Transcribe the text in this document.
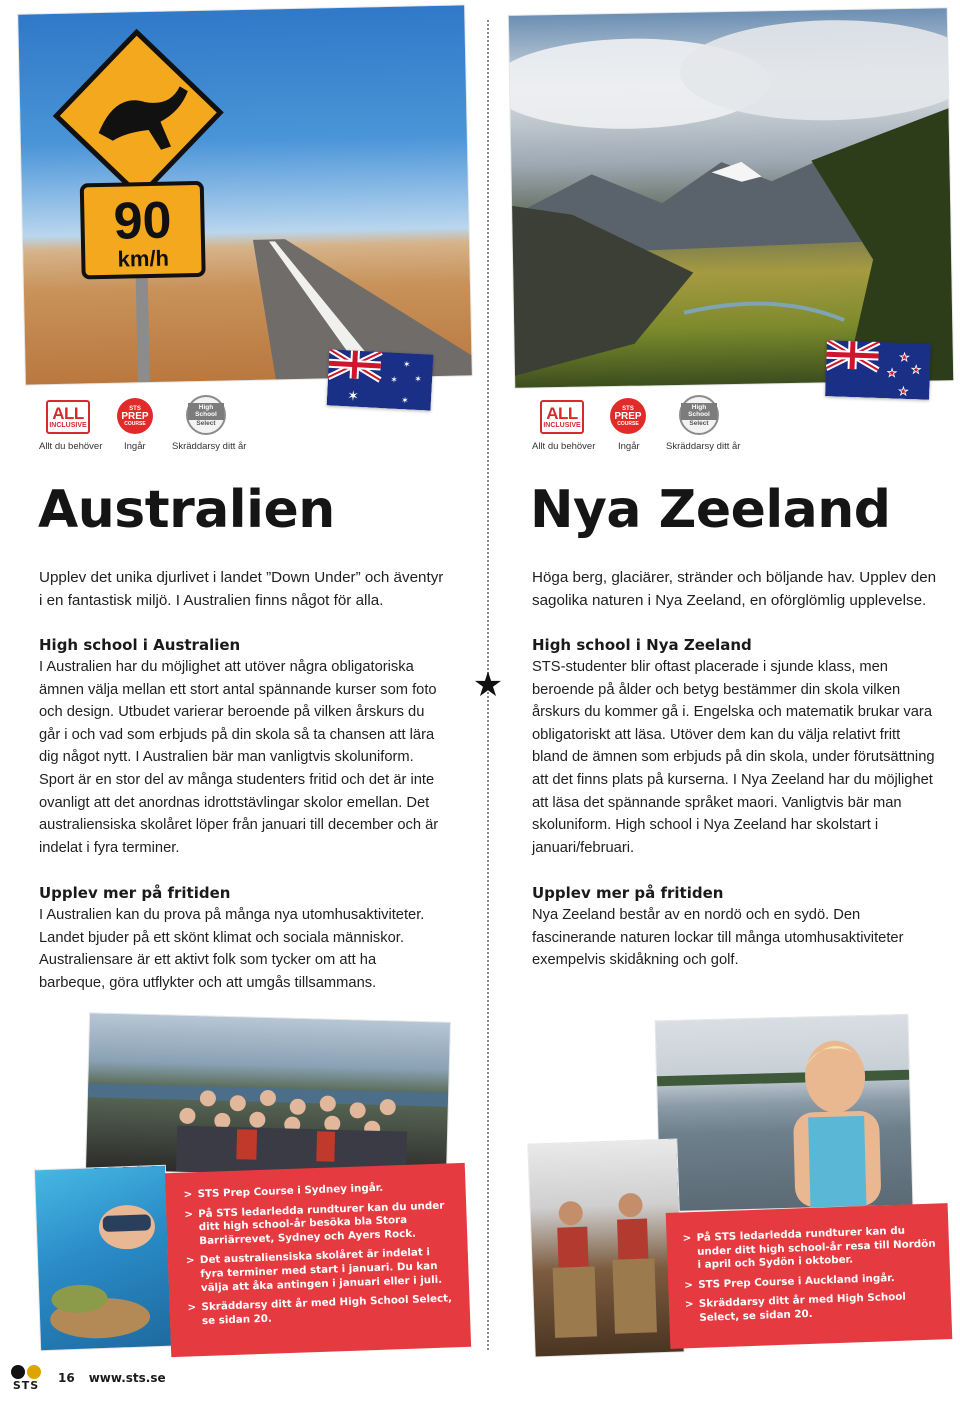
★
90
km/h
✶
✶
✶ ✶
✶
ALL
INCLUSIVE
STS
PREP
COURSE
High School
Select
Allt du behöver Ingår	Skräddarsy ditt år
Australien
Upplev det unika djurlivet i landet ”Down Under” och äventyr i en fantastisk miljö. I Australien finns något för alla.
High school i Australien
I Australien har du möjlighet att utöver några obligatoriska ämnen välja mellan ett stort antal spännande kurser som foto och design. Utbudet varierar beroende på vilken årskurs du går i och vad som erbjuds på din skola så ta chansen att lära dig något nytt. I Australien bär man vanligtvis skoluniform. Sport är en stor del av många studenters fritid och det är inte ovanligt att det anordnas idrottstävlingar skolor emellan. Det australiensiska skolåret löper från januari till december och är indelat i fyra terminer.
Upplev mer på fritiden
I Australien kan du prova på många nya utomhusaktiviteter. Landet bjuder på ett skönt klimat och sociala människor. Australiensare är ett aktivt folk som tycker om att ha barbeque, göra utflykter och att umgås tillsammans.
> STS Prep Course i Sydney ingår.
> På STS ledarledda rundturer kan du under ditt high school-år besöka bla Stora Barriärrevet, Sydney och Ayers Rock.
> Det australiensiska skolåret är indelat i fyra terminer med start i januari. Du kan välja att åka antingen i januari eller i juli.
> Skräddarsy ditt år med High School Select, se sidan 20.
★
★ ★
★
ALL
INCLUSIVE
STS
PREP
COURSE
High School
Select
Allt du behöver Ingår	Skräddarsy ditt år
Nya Zeeland
Höga berg, glaciärer, stränder och böljande hav. Upplev den sagolika naturen i Nya Zeeland, en oförglömlig upplevelse.
High school i Nya Zeeland
STS-studenter blir oftast placerade i sjunde klass, men beroende på ålder och betyg bestämmer din skola vilken årskurs du kommer gå i. Engelska och matematik brukar vara obligatoriskt att läsa. Utöver dem kan du välja relativt fritt bland de ämnen som erbjuds på din skola, under förutsättning att det finns plats på kurserna. I Nya Zeeland har du möjlighet att läsa det spännande språket maori. Vanligtvis bär man skoluniform. High school i Nya Zeeland har skolstart i januari/februari.
Upplev mer på fritiden
Nya Zeeland består av en nordö och en sydö. Den fascinerande naturen lockar till många utomhusaktiviteter exempelvis skidåkning och golf.
> På STS ledarledda rundturer kan du under ditt high school-år resa till Nordön i april och Sydön i oktober.
> STS Prep Course i Auckland ingår.
> Skräddarsy ditt år med High School Select, se sidan 20.
STS
16 www.sts.se
